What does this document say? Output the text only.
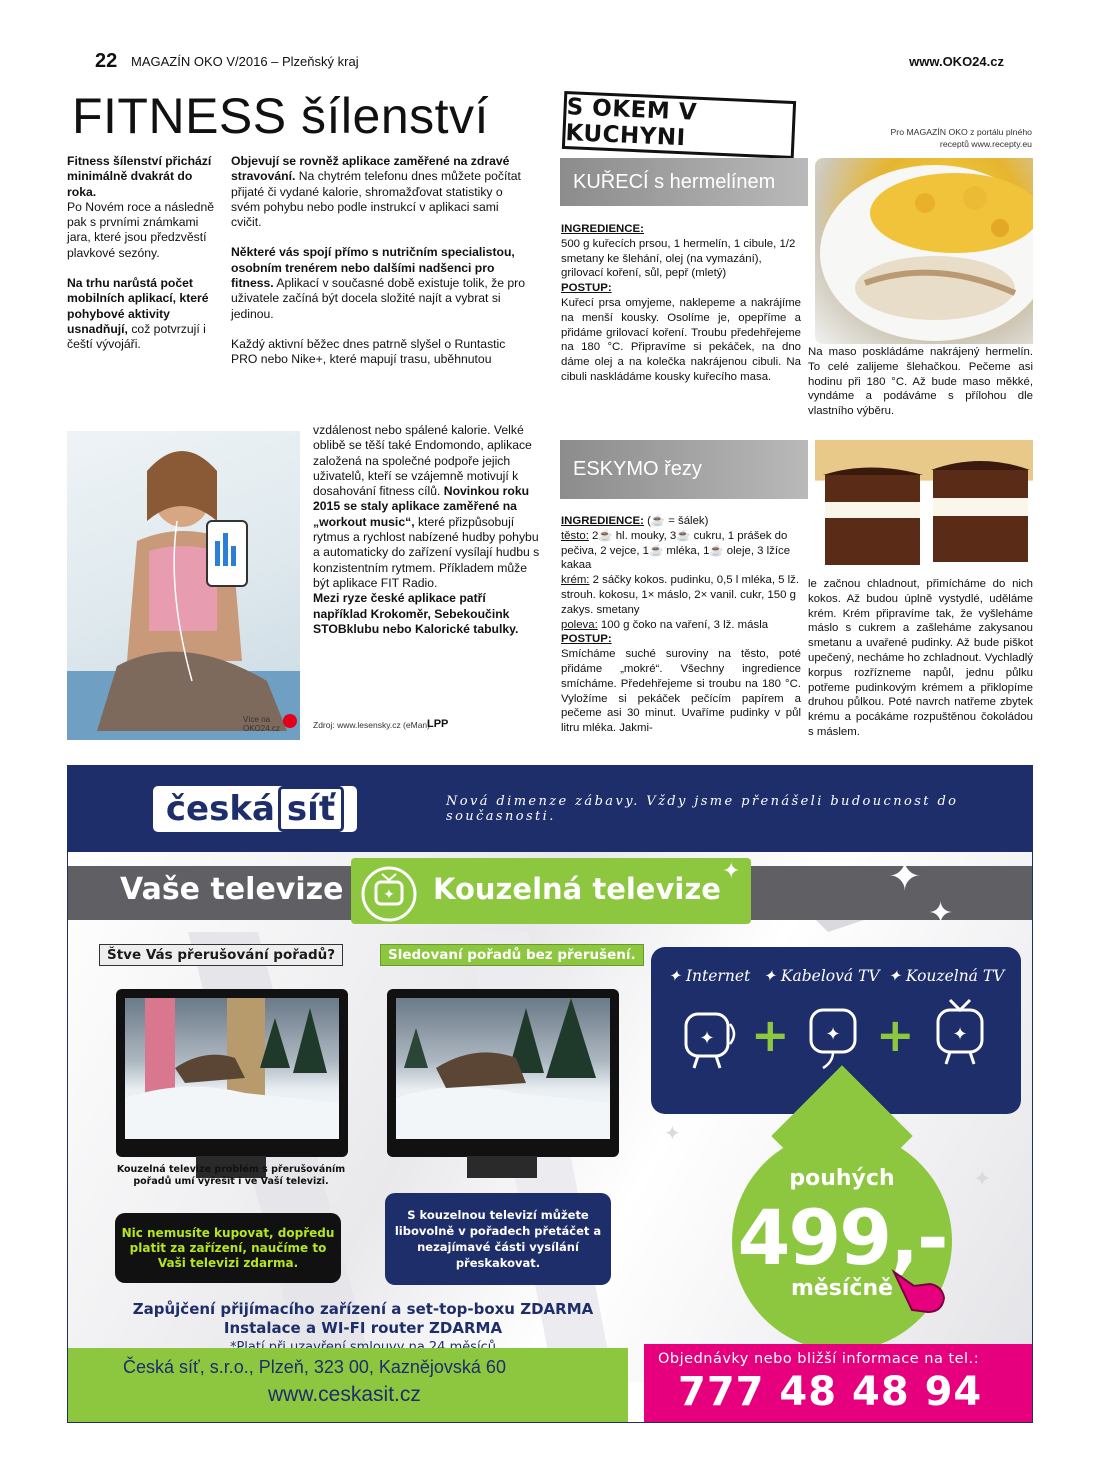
22 MAGAZÍN OKO V/2016 – Plzeňský kraj	www.OKO24.cz
FITNESS šílenství

Fitness šílenství přichází minimálně dvakrát do roka.
Po Novém roce a následně pak s prvními známkami jara, které jsou předzvěstí plavkové sezóny.

Na trhu narůstá počet mobilních aplikací, které pohybové aktivity usnadňují, což potvrzují i čeští vývojáři.

Objevují se rovněž aplikace zaměřené na zdravé stravování. Na chytrém telefonu dnes můžete počítat přijaté či vydané kalorie, shromažďovat statistiky o svém pohybu nebo podle instrukcí v aplikaci sami cvičit.

Některé vás spojí přímo s nutričním specialistou, osobním trenérem nebo dalšími nadšenci pro fitness. Aplikací v současné době existuje tolik, že pro uživatele začíná být docela složité najít a vybrat si jedinou.

Každý aktivní běžec dnes patrně slyšel o Runtastic PRO nebo Nike+, které mapují trasu, uběhnutou

Více na OKO24.cz

vzdálenost nebo spálené kalorie. Velké oblibě se těší také Endomondo, aplikace založená na společné podpoře jejich uživatelů, kteří se vzájemně motivují k dosahování fitness cílů. Novinkou roku 2015 se staly aplikace zaměřené na „workout music“, které přizpůsobují rytmus a rychlost nabízené hudby pohybu a automaticky do zařízení vysílají hudbu s konzistentním rytmem. Příkladem může být aplikace FIT Radio.

Mezi ryze české aplikace patří například Krokoměr, Sebekoučink STOBklubu nebo Kalorické tabulky.

Zdroj: www.lesensky.cz (eMan)
LPP
S OKEM V KUCHYNI	Pro MAGAZÍN OKO z portálu plného receptů www.recepty.eu
KUŘECÍ s hermelínem

INGREDIENCE:

500 g kuřecích prsou, 1 hermelín, 1 cibule, 1/2 smetany ke šlehání, olej (na vymazání), grilovací koření, sůl, pepř (mletý)

POSTUP:

Kuřecí prsa omyjeme, naklepeme a nakrájíme na menší kousky. Osolíme je, opepříme a přidáme grilovací koření. Troubu předehřejeme na 180 °C. Připravíme si pekáček, na dno dáme olej a na kolečka nakrájenou cibuli. Na cibuli naskládáme kousky kuřecího masa.

Na maso poskládáme nakrájený hermelín. To celé zalijeme šlehačkou. Pečeme asi hodinu při 180 °C. Až bude maso měkké, vyndáme a podáváme s přílohou dle vlastního výběru.
ESKYMO řezy

INGREDIENCE: (☕ = šálek)

těsto: 2☕ hl. mouky, 3☕ cukru, 1 prášek do pečiva, 2 vejce, 1☕ mléka, 1☕ oleje, 3 lžíce kakaa

krém: 2 sáčky kokos. pudinku, 0,5 l mléka, 5 lž. strouh. kokosu, 1× máslo, 2× vanil. cukr, 150 g zakys. smetany

poleva: 100 g čoko na vaření, 3 lž. másla

POSTUP:

Smícháme suché suroviny na těsto, poté přidáme „mokré“. Všechny ingredience smícháme. Předehřejeme si troubu na 180 °C. Vyložíme si pekáček pečícím papírem a pečeme asi 30 minut. Uvaříme pudinky v půl litru mléka. Jakmi-

le začnou chladnout, přimícháme do nich kokos. Až budou úplně vystydlé, uděláme krém. Krém připravíme tak, že vyšleháme máslo s cukrem a zašleháme zakysanou smetanu a uvařené pudinky. Až bude piškot upečený, necháme ho zchladnout. Vychladlý korpus rozřízneme napůl, jednu půlku potřeme pudinkovým krémem a přiklopíme druhou půlkou. Poté navrch natřeme zbytek krému a pocákáme rozpuštěnou čokoládou s máslem.
česká síť	Nová dimenze zábavy. Vždy jsme přenášeli budoucnost do současnosti.
Vaše televize	✦ Kouzelná televize
✦
Štve Vás přerušování pořadů?	Sledovaní pořadů bez přerušení.
Kouzelná televize problém s přerušováním pořadů umí vyřešit i ve Vaší televizi.
Nic nemusíte kupovat, dopředu platit za zařízení, naučíme to Vaši televizi zdarma.
S kouzelnou televizí můžete libovolně v pořadech přetáčet a nezajímavé části vysílání přeskakovat.
Zapůjčení přijímacího zařízení a set-top-boxu ZDARMA
Instalace a WI-FI router ZDARMA
✦ Internet ✦ Kabelová TV ✦ Kouzelná TV
✦ + ✦ + ✦
✦
✦
✦
✦
pouhých
499,-
měsíčně
Česká síť, s.r.o., Plzeň, 323 00, Kaznějovská 60
www.ceskasit.cz
Objednávky nebo bližší informace na tel.:
777 48 48 94
